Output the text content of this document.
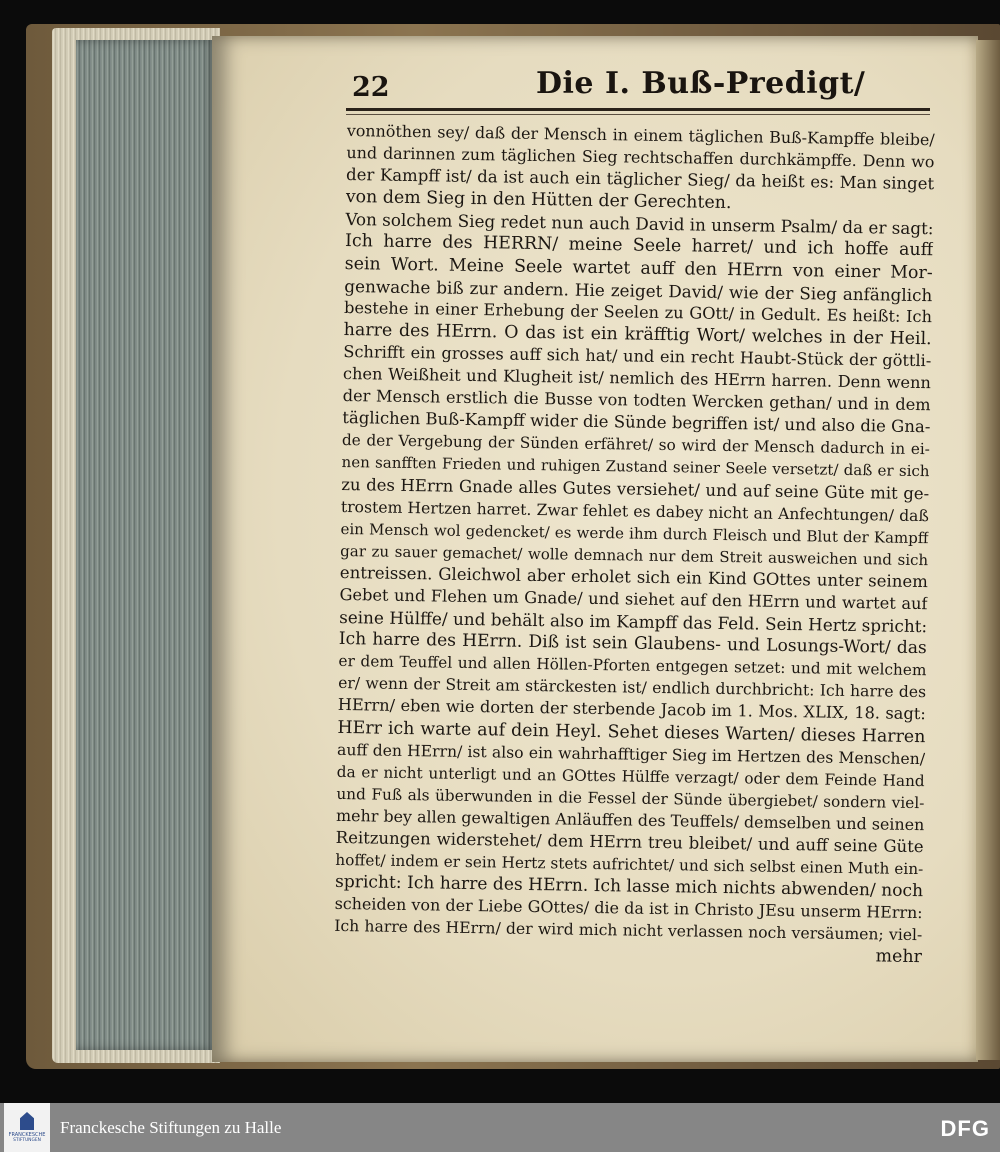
22	Die I. Buß-Predigt/
vonnöthen sey/ daß der Mensch in einem täglichen Buß-Kampffe bleibe/
und darinnen zum täglichen Sieg rechtschaffen durchkämpffe. Denn wo
der Kampff ist/ da ist auch ein täglicher Sieg/ da heißt es: Man singet
von dem Sieg in den Hütten der Gerechten.
Von solchem Sieg redet nun auch David in unserm Psalm/ da er sagt:
Ich harre des HERRN/ meine Seele harret/ und ich hoffe auff
sein Wort. Meine Seele wartet auff den HErrn von einer Mor-
genwache biß zur andern. Hie zeiget David/ wie der Sieg anfänglich
bestehe in einer Erhebung der Seelen zu GOtt/ in Gedult. Es heißt: Ich
harre des HErrn. O das ist ein kräfftig Wort/ welches in der Heil.
Schrifft ein grosses auff sich hat/ und ein recht Haubt-Stück der göttli-
chen Weißheit und Klugheit ist/ nemlich des HErrn harren. Denn wenn
der Mensch erstlich die Busse von todten Wercken gethan/ und in dem
täglichen Buß-Kampff wider die Sünde begriffen ist/ und also die Gna-
de der Vergebung der Sünden erfähret/ so wird der Mensch dadurch in ei-
nen sanfften Frieden und ruhigen Zustand seiner Seele versetzt/ daß er sich
zu des HErrn Gnade alles Gutes versiehet/ und auf seine Güte mit ge-
trostem Hertzen harret. Zwar fehlet es dabey nicht an Anfechtungen/ daß
ein Mensch wol gedencket/ es werde ihm durch Fleisch und Blut der Kampff
gar zu sauer gemachet/ wolle demnach nur dem Streit ausweichen und sich
entreissen. Gleichwol aber erholet sich ein Kind GOttes unter seinem
Gebet und Flehen um Gnade/ und siehet auf den HErrn und wartet auf
seine Hülffe/ und behält also im Kampff das Feld. Sein Hertz spricht:
Ich harre des HErrn. Diß ist sein Glaubens- und Losungs-Wort/ das
er dem Teuffel und allen Höllen-Pforten entgegen setzet: und mit welchem
er/ wenn der Streit am stärckesten ist/ endlich durchbricht: Ich harre des
HErrn/ eben wie dorten der sterbende Jacob im 1. Mos. XLIX, 18. sagt:
HErr ich warte auf dein Heyl. Sehet dieses Warten/ dieses Harren
auff den HErrn/ ist also ein wahrhafftiger Sieg im Hertzen des Menschen/
da er nicht unterligt und an GOttes Hülffe verzagt/ oder dem Feinde Hand
und Fuß als überwunden in die Fessel der Sünde übergiebet/ sondern viel-
mehr bey allen gewaltigen Anläuffen des Teuffels/ demselben und seinen
Reitzungen widerstehet/ dem HErrn treu bleibet/ und auff seine Güte
hoffet/ indem er sein Hertz stets aufrichtet/ und sich selbst einen Muth ein-
spricht: Ich harre des HErrn. Ich lasse mich nichts abwenden/ noch
scheiden von der Liebe GOttes/ die da ist in Christo JEsu unserm HErrn:
Ich harre des HErrn/ der wird mich nicht verlassen noch versäumen; viel-
mehr
FRANCKESCHE
STIFTUNGEN
Franckesche Stiftungen zu Halle	DFG
